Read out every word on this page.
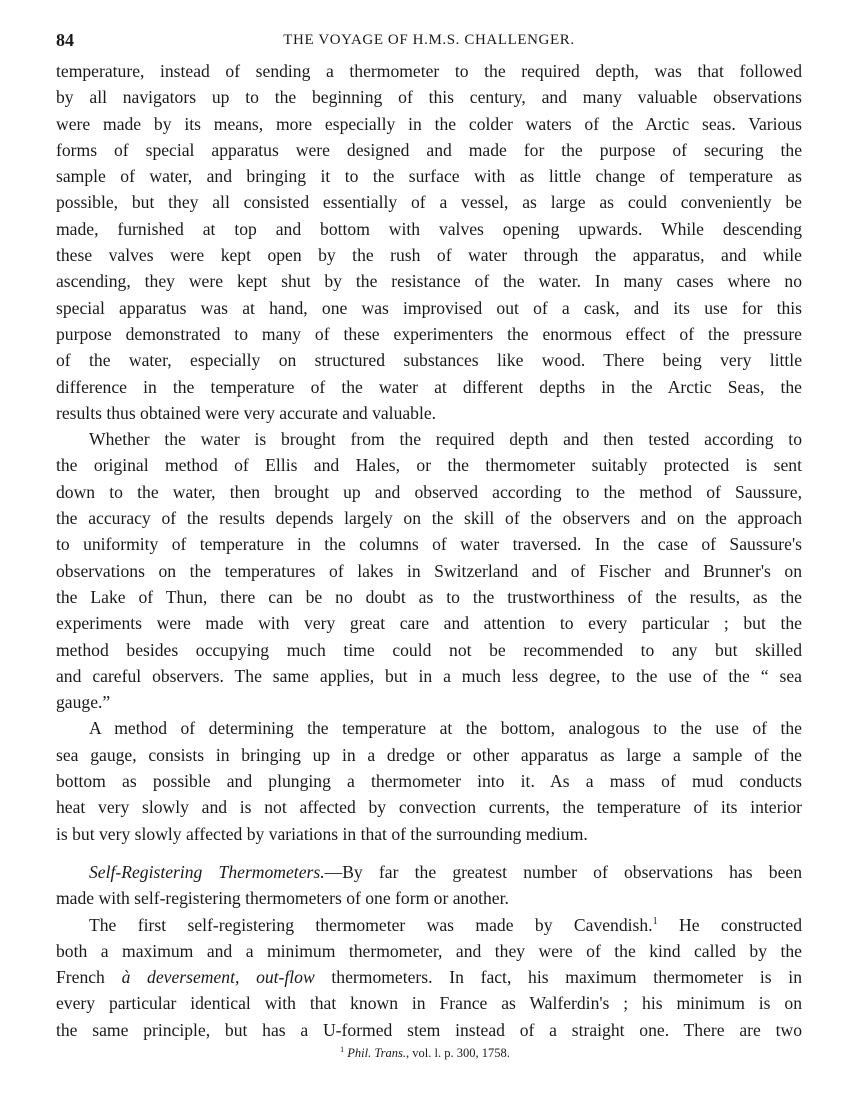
84	THE VOYAGE OF H.M.S. CHALLENGER.
temperature, instead of sending a thermometer to the required depth, was that followed
by all navigators up to the beginning of this century, and many valuable observations
were made by its means, more especially in the colder waters of the Arctic seas. Various
forms of special apparatus were designed and made for the purpose of securing the
sample of water, and bringing it to the surface with as little change of temperature as
possible, but they all consisted essentially of a vessel, as large as could conveniently be
made, furnished at top and bottom with valves opening upwards. While descending
these valves were kept open by the rush of water through the apparatus, and while
ascending, they were kept shut by the resistance of the water. In many cases where no
special apparatus was at hand, one was improvised out of a cask, and its use for this
purpose demonstrated to many of these experimenters the enormous effect of the pressure
of the water, especially on structured substances like wood. There being very little
difference in the temperature of the water at different depths in the Arctic Seas, the
results thus obtained were very accurate and valuable.
Whether the water is brought from the required depth and then tested according to
the original method of Ellis and Hales, or the thermometer suitably protected is sent
down to the water, then brought up and observed according to the method of Saussure,
the accuracy of the results depends largely on the skill of the observers and on the approach
to uniformity of temperature in the columns of water traversed. In the case of Saussure's
observations on the temperatures of lakes in Switzerland and of Fischer and Brunner's on
the Lake of Thun, there can be no doubt as to the trustworthiness of the results, as the
experiments were made with very great care and attention to every particular ; but the
method besides occupying much time could not be recommended to any but skilled
and careful observers. The same applies, but in a much less degree, to the use of the “ sea
gauge.”
A method of determining the temperature at the bottom, analogous to the use of the
sea gauge, consists in bringing up in a dredge or other apparatus as large a sample of the
bottom as possible and plunging a thermometer into it. As a mass of mud conducts
heat very slowly and is not affected by convection currents, the temperature of its interior
is but very slowly affected by variations in that of the surrounding medium.
Self-Registering Thermometers.—By far the greatest number of observations has been
made with self-registering thermometers of one form or another.
The first self-registering thermometer was made by Cavendish.$^1$ He constructed
both a maximum and a minimum thermometer, and they were of the kind called by the
French à deversement, out-flow thermometers. In fact, his maximum thermometer is in
every particular identical with that known in France as Walferdin's ; his minimum is on
the same principle, but has a U-formed stem instead of a straight one. There are two
$^1$ Phil. Trans., vol. l. p. 300, 1758.
